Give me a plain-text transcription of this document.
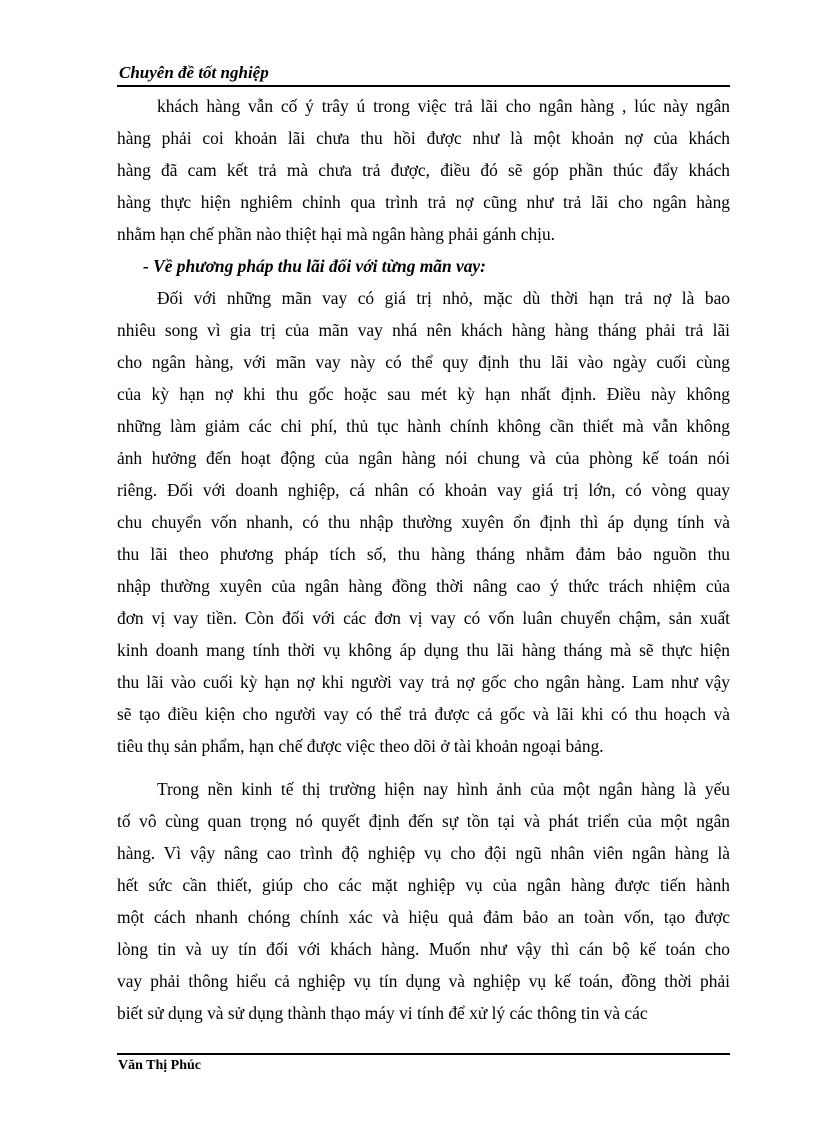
Chuyên đề tốt nghiệp
khách hàng vẫn cố ý trây ú trong việc trả lãi cho ngân hàng , lúc này ngân
hàng phải coi khoản lãi chưa thu hồi được như là một khoản nợ của khách
hàng đã cam kết trả mà chưa trả được, điều đó sẽ góp phần thúc đẩy khách
hàng thực hiện nghiêm chỉnh qua trình trả nợ cũng như trả lãi cho ngân hàng
nhằm hạn chế phần nào thiệt hại mà ngân hàng phải gánh chịu.
- Về phương pháp thu lãi đối với từng mãn vay:
Đối với những mãn vay có giá trị nhỏ, mặc dù thời hạn trả nợ là bao
nhiêu song vì gia trị của mãn vay nhá nên khách hàng hàng tháng phải trả lãi
cho ngân hàng, với mãn vay này có thể quy định thu lãi vào ngày cuối cùng
của kỳ hạn nợ khi thu gốc hoặc sau mét kỳ hạn nhất định. Điều này không
những làm giảm các chi phí, thủ tục hành chính không cần thiết mà vẫn không
ảnh hưởng đến hoạt động của ngân hàng nói chung và của phòng kế toán nói
riêng. Đối với doanh nghiệp, cá nhân có khoản vay giá trị lớn, có vòng quay
chu chuyển vốn nhanh, có thu nhập thường xuyên ổn định thì áp dụng tính và
thu lãi theo phương pháp tích số, thu hàng tháng nhằm đảm bảo nguồn thu
nhập thường xuyên của ngân hàng đồng thời nâng cao ý thức trách nhiệm của
đơn vị vay tiền. Còn đối với các đơn vị vay có vốn luân chuyển chậm, sản xuất
kinh doanh mang tính thời vụ không áp dụng thu lãi hàng tháng mà sẽ thực hiện
thu lãi vào cuối kỳ hạn nợ khi người vay trả nợ gốc cho ngân hàng. Lam như vậy
sẽ tạo điều kiện cho người vay có thể trả được cả gốc và lãi khi có thu hoạch và
tiêu thụ sản phẩm, hạn chế được việc theo dõi ở tài khoản ngoại bảng.
Trong nền kinh tế thị trường hiện nay hình ảnh của một ngân hàng là yếu
tố vô cùng quan trọng nó quyết định đến sự tồn tại và phát triển của một ngân
hàng. Vì vậy nâng cao trình độ nghiệp vụ cho đội ngũ nhân viên ngân hàng là
hết sức cần thiết, giúp cho các mặt nghiệp vụ của ngân hàng được tiến hành
một cách nhanh chóng chính xác và hiệu quả đảm bảo an toàn vốn, tạo được
lòng tin và uy tín đối với khách hàng. Muốn như vậy thì cán bộ kế toán cho
vay phải thông hiểu cả nghiệp vụ tín dụng và nghiệp vụ kế toán, đồng thời phải
biết sử dụng và sử dụng thành thạo máy vi tính để xử lý các thông tin và các
Văn Thị Phúc
